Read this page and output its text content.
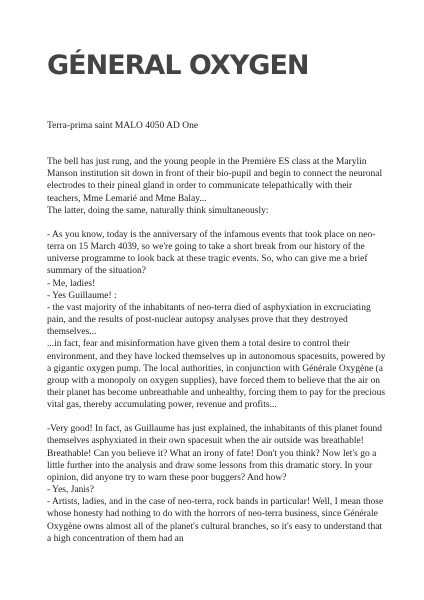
GÉNERAL OXYGEN

Terra-prima saint MALO 4050 AD One

The bell has just rung, and the young people in the Première ES class at the Marylin Manson institution sit down in front of their bio-pupil and begin to connect the neuronal electrodes to their pineal gland in order to communicate telepathically with their teachers, Mme Lemarié and Mme Balay...
The latter, doing the same, naturally think simultaneously:

- As you know, today is the anniversary of the infamous events that took place on neo-terra on 15 March 4039, so we're going to take a short break from our history of the universe programme to look back at these tragic events. So, who can give me a brief summary of the situation?
- Me, ladies!
- Yes Guillaume! :
- the vast majority of the inhabitants of neo-terra died of asphyxiation in excruciating pain, and the results of post-nuclear autopsy analyses prove that they destroyed themselves...
...in fact, fear and misinformation have given them a total desire to control their environment, and they have locked themselves up in autonomous spacesuits, powered by a gigantic oxygen pump. The local authorities, in conjunction with Générale Oxygène (a group with a monopoly on oxygen supplies), have forced them to believe that the air on their planet has become unbreathable and unhealthy, forcing them to pay for the precious vital gas, thereby accumulating power, revenue and profits...

-Very good! In fact, as Guillaume has just explained, the inhabitants of this planet found themselves asphyxiated in their own spacesuit when the air outside was breathable! Breathable! Can you believe it? What an irony of fate! Don't you think? Now let's go a little further into the analysis and draw some lessons from this dramatic story. In your opinion, did anyone try to warn these poor buggers? And how?
- Yes, Janis?
- Artists, ladies, and in the case of neo-terra, rock bands in particular! Well, I mean those whose honesty had nothing to do with the horrors of neo-terra business, since Générale Oxygène owns almost all of the planet's cultural branches, so it's easy to understand that a high concentration of them had an
